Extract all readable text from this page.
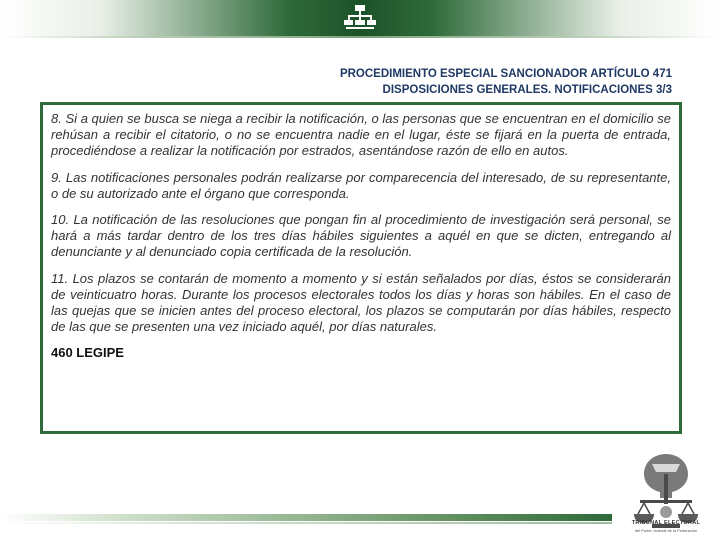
PROCEDIMIENTO ESPECIAL SANCIONADOR ARTÍCULO 471
DISPOSICIONES GENERALES. NOTIFICACIONES 3/3

8. Si a quien se busca se niega a recibir la notificación, o las personas que se encuentran en el domicilio se rehúsan a recibir el citatorio, o no se encuentra nadie en el lugar, éste se fijará en la puerta de entrada, procediéndose a realizar la notificación por estrados, asentándose razón de ello en autos.

9. Las notificaciones personales podrán realizarse por comparecencia del interesado, de su representante, o de su autorizado ante el órgano que corresponda.

10. La notificación de las resoluciones que pongan fin al procedimiento de investigación será personal, se hará a más tardar dentro de los tres días hábiles siguientes a aquél en que se dicten, entregando al denunciante y al denunciado copia certificada de la resolución.

11. Los plazos se contarán de momento a momento y si están señalados por días, éstos se considerarán de veinticuatro horas. Durante los procesos electorales todos los días y horas son hábiles. En el caso de las quejas que se inicien antes del proceso electoral, los plazos se computarán por días hábiles, respecto de las que se presenten una vez iniciado aquél, por días naturales.

460 LEGIPE
TRIBUNAL ELECTORAL
del Poder Judicial de la Federación
